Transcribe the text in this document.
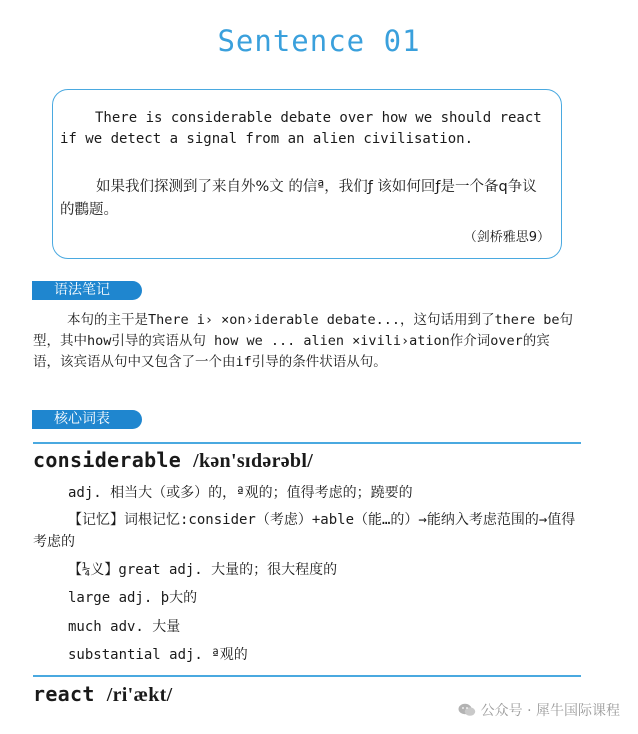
Sentence 01
There is considerable debate over how we should react if we detect a signal from an alien civilisation.
如果我们探测到了来自外%文 的信ª，我们ƒ 该如何回ƒ是一个备q争议的鸜题。
（剑桥雅思9）
语法笔记
本句的主干是There i› ×on›iderable debate...，这句话用到了there be句型，其中how引导的宾语从句 how we ... alien ×ivili›ation作介词over的宾语，该宾语从句中又包含了一个由if引导的条件状语从句。
核心词表
considerable /kən'sɪdərəbl/
adj. 相当大（或多）的，ª观的；值得考虑的；蹺要的
【记忆】词根记忆:consider（考虑）+able（能…的）→能纳入考虑范围的→值得考虑的
【¼义】great adj. 大量的；很大程度的
large adj. þ大的
much adv. 大量
substantial adj. ª观的
react /ri'ækt/
公众号 · 犀牛国际课程
